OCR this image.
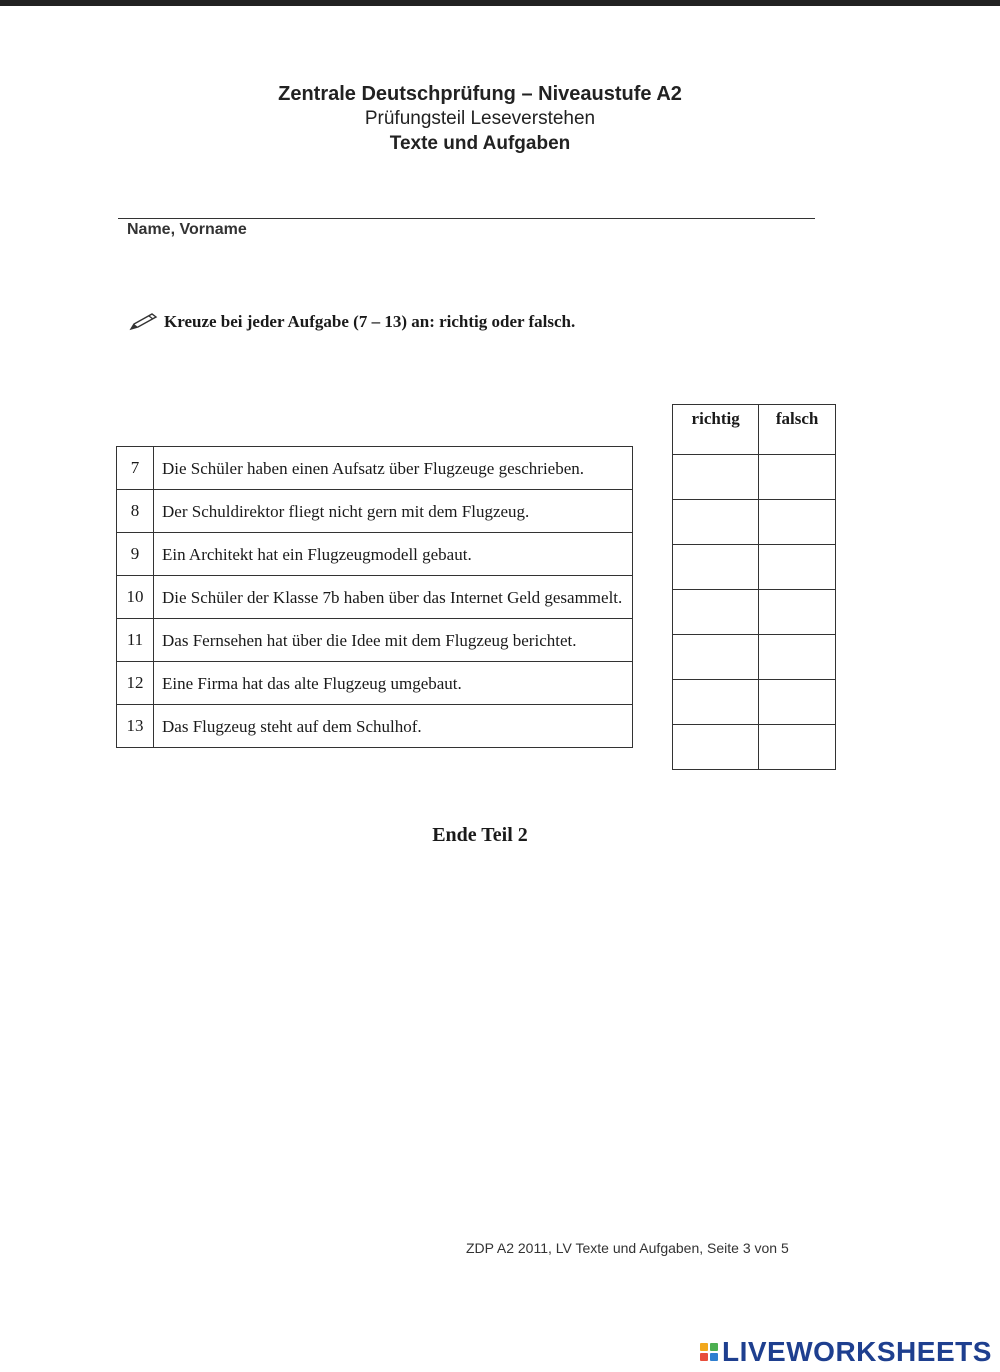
Zentrale Deutschprüfung – Niveaustufe A2
Prüfungsteil Leseverstehen
Texte und Aufgaben
Name, Vorname
Kreuze bei jeder Aufgabe (7 – 13) an: richtig oder falsch.
7	Die Schüler haben einen Aufsatz über Flugzeuge geschrieben.
8	Der Schuldirektor fliegt nicht gern mit dem Flugzeug.
9	Ein Architekt hat ein Flugzeugmodell gebaut.
10	Die Schüler der Klasse 7b haben über das Internet Geld gesammelt.
11	Das Fernsehen hat über die Idee mit dem Flugzeug berichtet.
12	Eine Firma hat das alte Flugzeug umgebaut.
13	Das Flugzeug steht auf dem Schulhof.
richtig	falsch

Ende Teil 2
ZDP A2 2011, LV Texte und Aufgaben, Seite 3 von 5
LIVEWORKSHEETS
